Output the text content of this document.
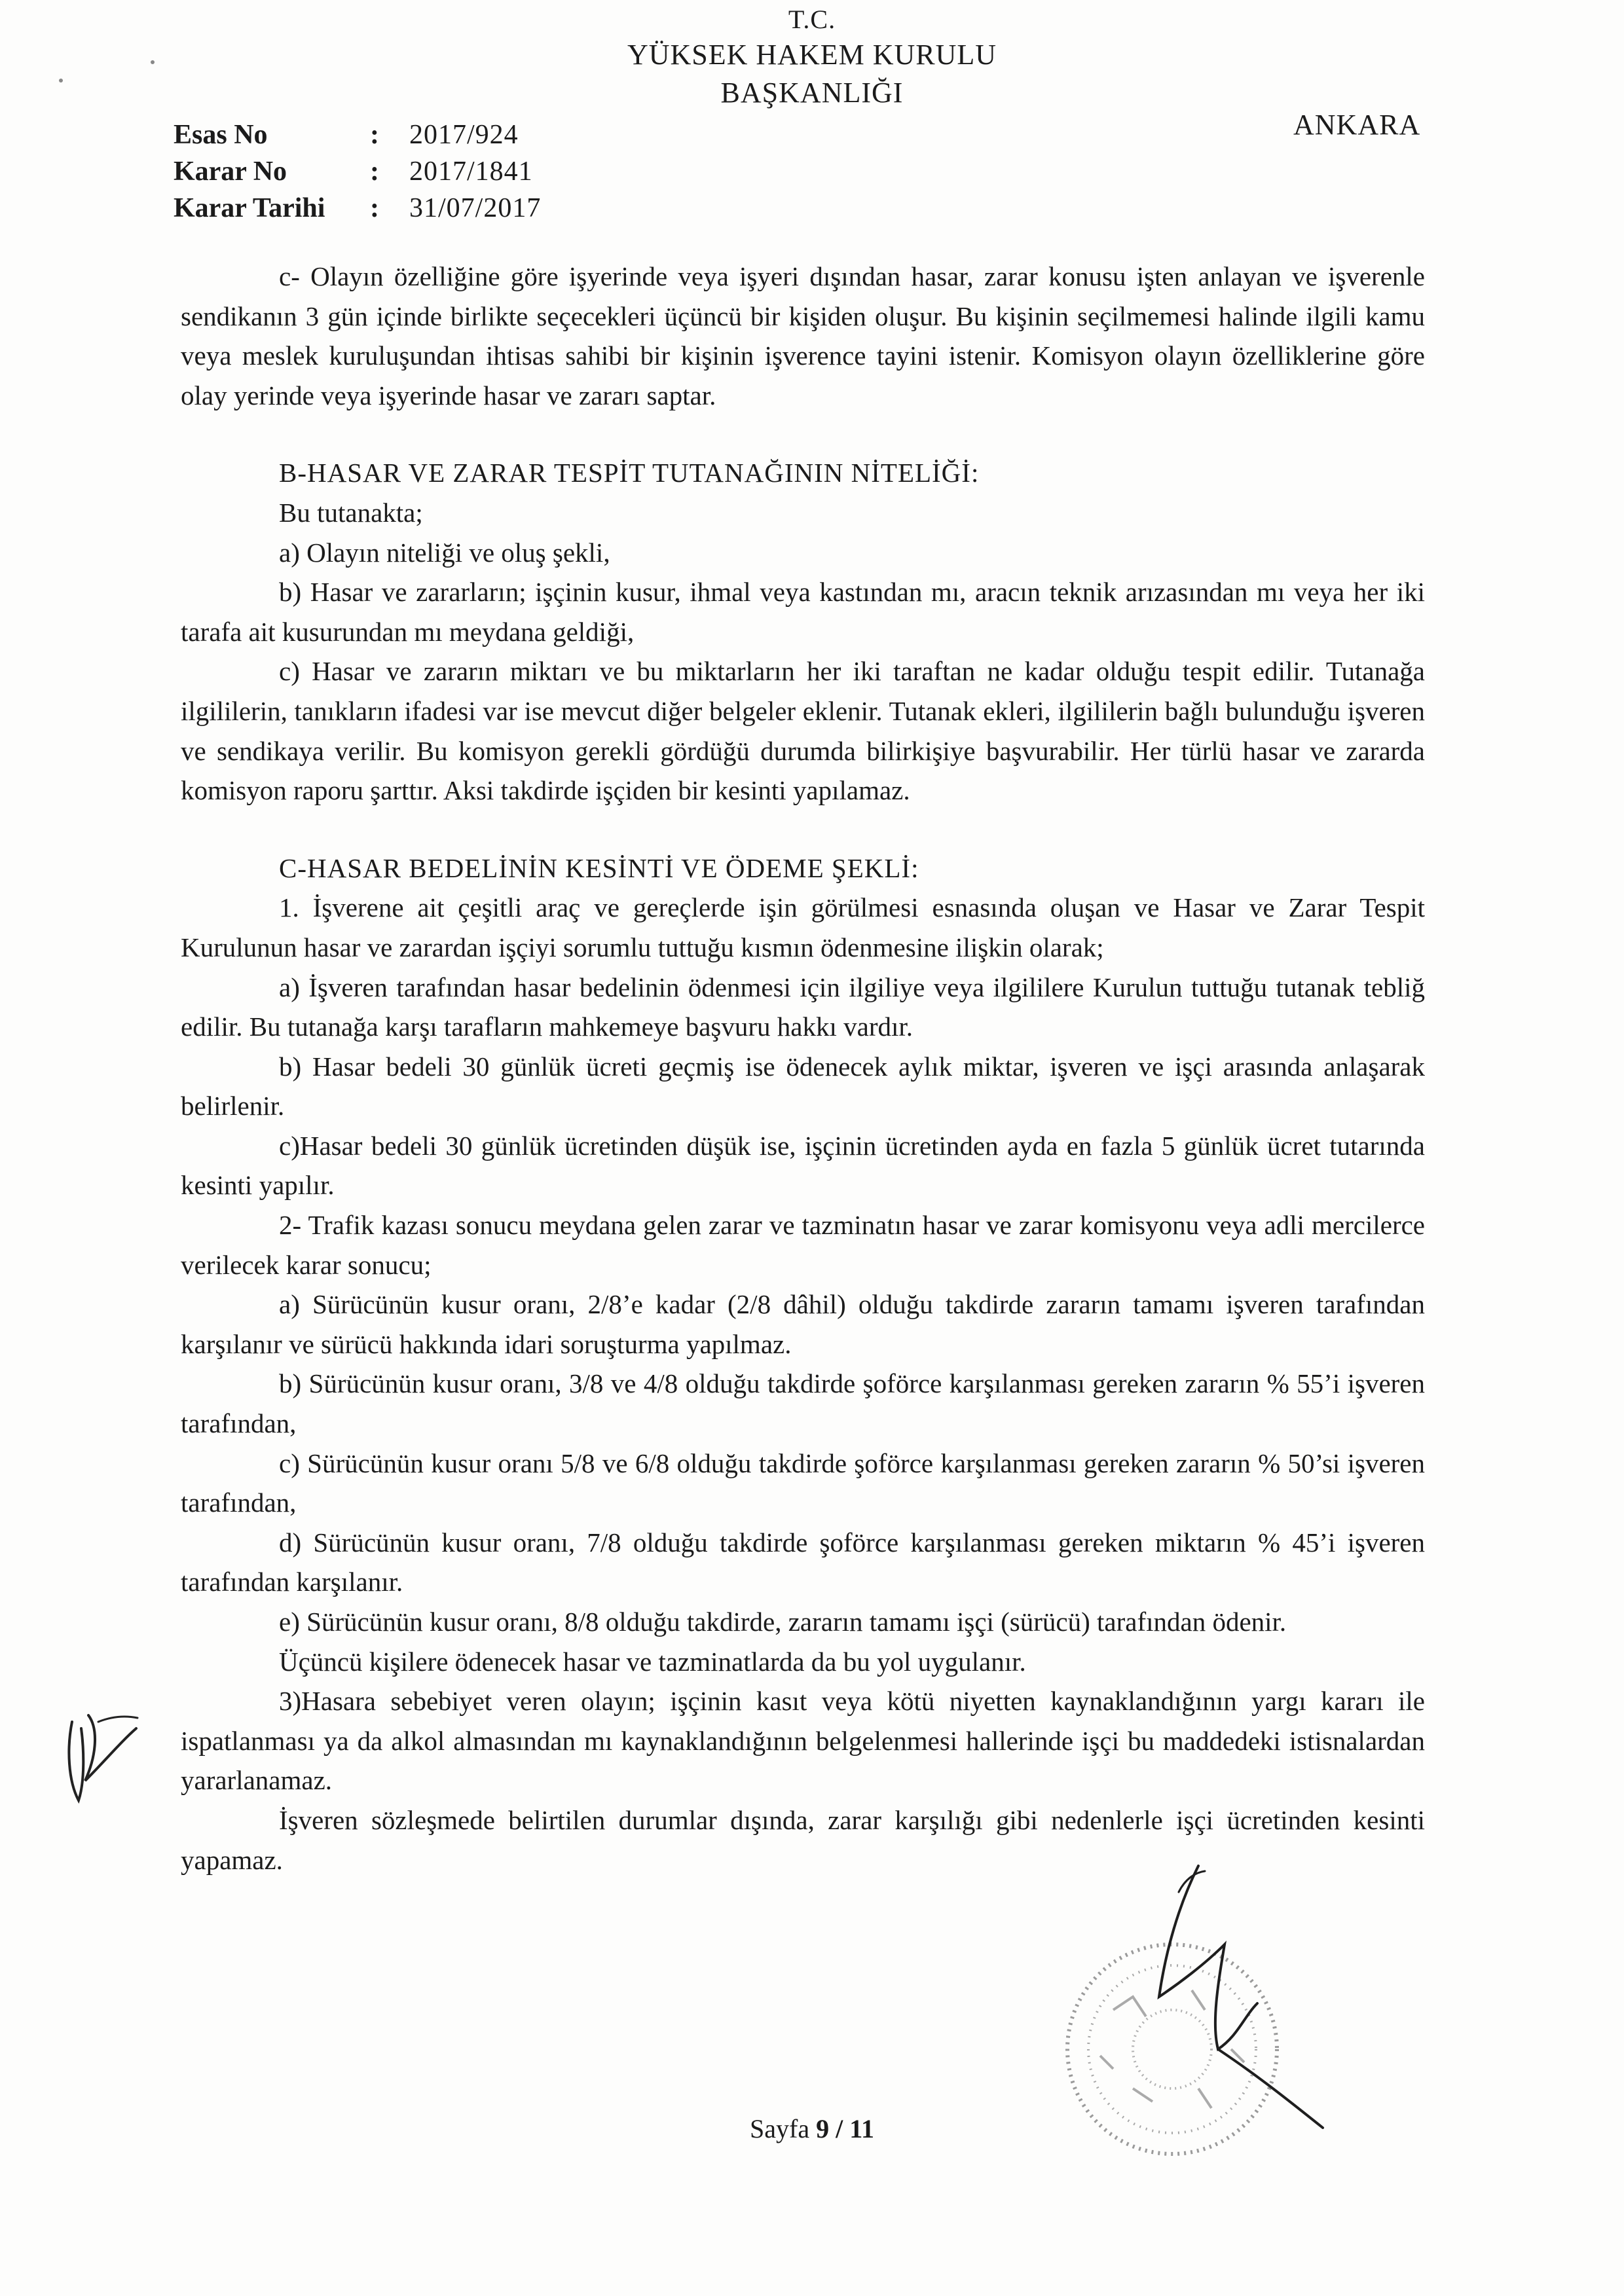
T.C.
YÜKSEK HAKEM KURULU
BAŞKANLIĞI
ANKARA
Esas No	:	2017/924
Karar No	:	2017/1841
Karar Tarihi	:	31/07/2017

c- Olayın özelliğine göre işyerinde veya işyeri dışından hasar, zarar konusu işten anlayan ve işverenle sendikanın 3 gün içinde birlikte seçecekleri üçüncü bir kişiden oluşur. Bu kişinin seçilmemesi halinde ilgili kamu veya meslek kuruluşundan ihtisas sahibi bir kişinin işverence tayini istenir. Komisyon olayın özelliklerine göre olay yerinde veya işyerinde hasar ve zararı saptar.

B-HASAR VE ZARAR TESPİT TUTANAĞININ NİTELİĞİ:

Bu tutanakta;

a) Olayın niteliği ve oluş şekli,

b) Hasar ve zararların; işçinin kusur, ihmal veya kastından mı, aracın teknik arızasından mı veya her iki tarafa ait kusurundan mı meydana geldiği,

c) Hasar ve zararın miktarı ve bu miktarların her iki taraftan ne kadar olduğu tespit edilir. Tutanağa ilgililerin, tanıkların ifadesi var ise mevcut diğer belgeler eklenir. Tutanak ekleri, ilgililerin bağlı bulunduğu işveren ve sendikaya verilir. Bu komisyon gerekli gördüğü durumda bilirkişiye başvurabilir. Her türlü hasar ve zararda komisyon raporu şarttır. Aksi takdirde işçiden bir kesinti yapılamaz.

C-HASAR BEDELİNİN KESİNTİ VE ÖDEME ŞEKLİ:

1. İşverene ait çeşitli araç ve gereçlerde işin görülmesi esnasında oluşan ve Hasar ve Zarar Tespit Kurulunun hasar ve zarardan işçiyi sorumlu tuttuğu kısmın ödenmesine ilişkin olarak;

a) İşveren tarafından hasar bedelinin ödenmesi için ilgiliye veya ilgililere Kurulun tuttuğu tutanak tebliğ edilir. Bu tutanağa karşı tarafların mahkemeye başvuru hakkı vardır.

b) Hasar bedeli 30 günlük ücreti geçmiş ise ödenecek aylık miktar, işveren ve işçi arasında anlaşarak belirlenir.

c)Hasar bedeli 30 günlük ücretinden düşük ise, işçinin ücretinden ayda en fazla 5 günlük ücret tutarında kesinti yapılır.

2- Trafik kazası sonucu meydana gelen zarar ve tazminatın hasar ve zarar komisyonu veya adli mercilerce verilecek karar sonucu;

a) Sürücünün kusur oranı, 2/8’e kadar (2/8 dâhil) olduğu takdirde zararın tamamı işveren tarafından karşılanır ve sürücü hakkında idari soruşturma yapılmaz.

b) Sürücünün kusur oranı, 3/8 ve 4/8 olduğu takdirde şoförce karşılanması gereken zararın % 55’i işveren tarafından,

c) Sürücünün kusur oranı 5/8 ve 6/8 olduğu takdirde şoförce karşılanması gereken zararın % 50’si işveren tarafından,

d) Sürücünün kusur oranı, 7/8 olduğu takdirde şoförce karşılanması gereken miktarın % 45’i işveren tarafından karşılanır.

e) Sürücünün kusur oranı, 8/8 olduğu takdirde, zararın tamamı işçi (sürücü) tarafından ödenir.

Üçüncü kişilere ödenecek hasar ve tazminatlarda da bu yol uygulanır.

3)Hasara sebebiyet veren olayın; işçinin kasıt veya kötü niyetten kaynaklandığının yargı kararı ile ispatlanması ya da alkol almasından mı kaynaklandığının belgelenmesi hallerinde işçi bu maddedeki istisnalardan yararlanamaz.

İşveren sözleşmede belirtilen durumlar dışında, zarar karşılığı gibi nedenlerle işçi ücretinden kesinti yapamaz.

Sayfa 9 / 11
